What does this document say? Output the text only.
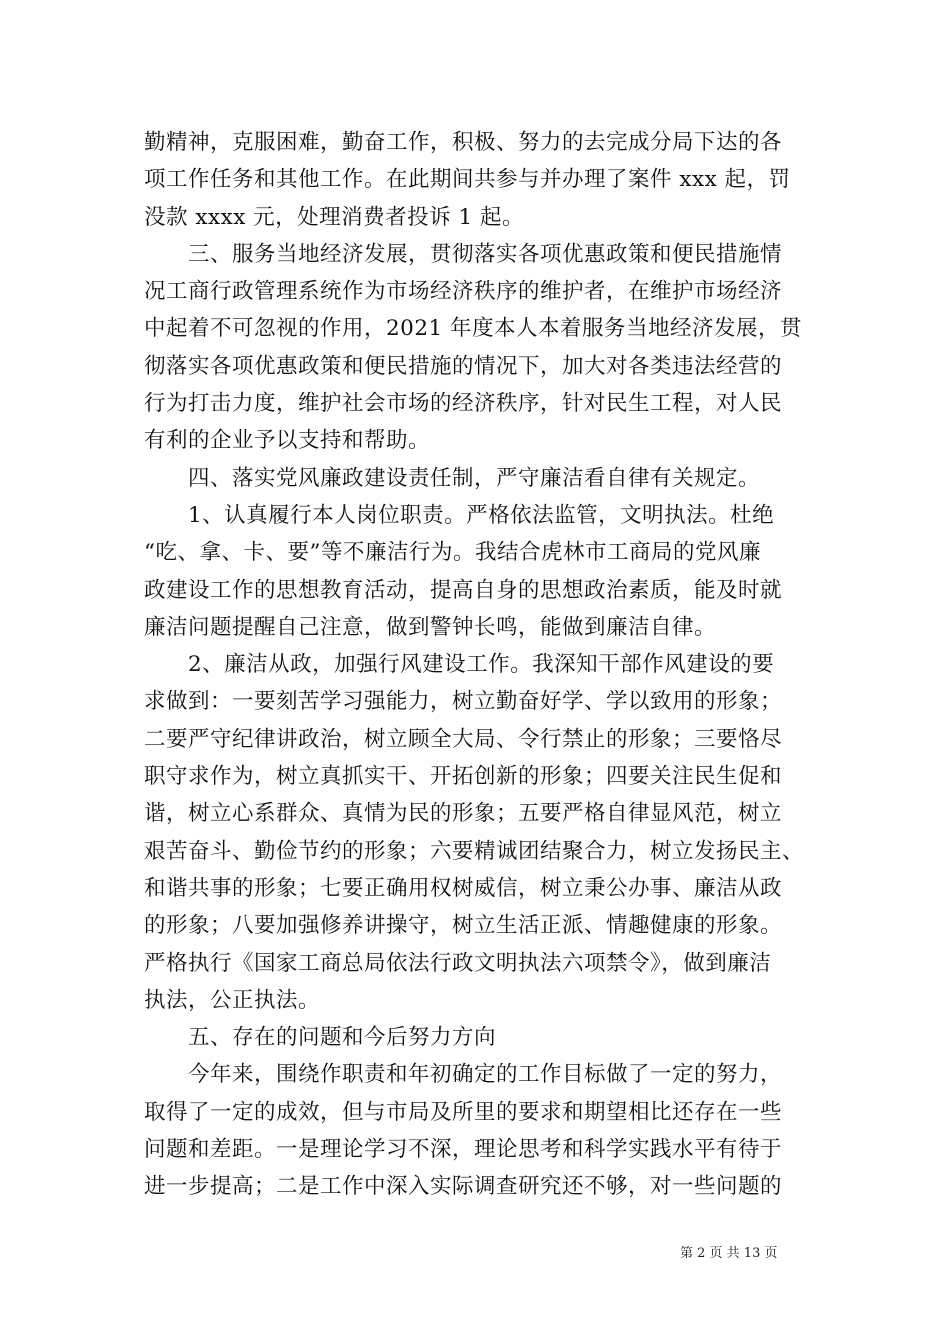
勤精神，克服困难，勤奋工作，积极、努力的去完成分局下达的各
项工作任务和其他工作。在此期间共参与并办理了案件 xxx 起，罚
没款 xxxx 元，处理消费者投诉 1 起。
三、服务当地经济发展，贯彻落实各项优惠政策和便民措施情
况工商行政管理系统作为市场经济秩序的维护者，在维护市场经济
中起着不可忽视的作用，2021 年度本人本着服务当地经济发展，贯
彻落实各项优惠政策和便民措施的情况下，加大对各类违法经营的
行为打击力度，维护社会市场的经济秩序，针对民生工程，对人民
有利的企业予以支持和帮助。
四、落实党风廉政建设责任制，严守廉洁看自律有关规定。
1、认真履行本人岗位职责。严格依法监管，文明执法。杜绝
“吃、拿、卡、要”等不廉洁行为。我结合虎林市工商局的党风廉
政建设工作的思想教育活动，提高自身的思想政治素质，能及时就
廉洁问题提醒自己注意，做到警钟长鸣，能做到廉洁自律。
2、廉洁从政，加强行风建设工作。我深知干部作风建设的要
求做到：一要刻苦学习强能力，树立勤奋好学、学以致用的形象；
二要严守纪律讲政治，树立顾全大局、令行禁止的形象；三要恪尽
职守求作为，树立真抓实干、开拓创新的形象；四要关注民生促和
谐，树立心系群众、真情为民的形象；五要严格自律显风范，树立
艰苦奋斗、勤俭节约的形象；六要精诚团结聚合力，树立发扬民主、
和谐共事的形象；七要正确用权树威信，树立秉公办事、廉洁从政
的形象；八要加强修养讲操守，树立生活正派、情趣健康的形象。
严格执行《国家工商总局依法行政文明执法六项禁令》，做到廉洁
执法，公正执法。
五、存在的问题和今后努力方向
今年来，围绕作职责和年初确定的工作目标做了一定的努力，
取得了一定的成效，但与市局及所里的要求和期望相比还存在一些
问题和差距。一是理论学习不深，理论思考和科学实践水平有待于
进一步提高；二是工作中深入实际调查研究还不够，对一些问题的
第 2 页 共 13 页
